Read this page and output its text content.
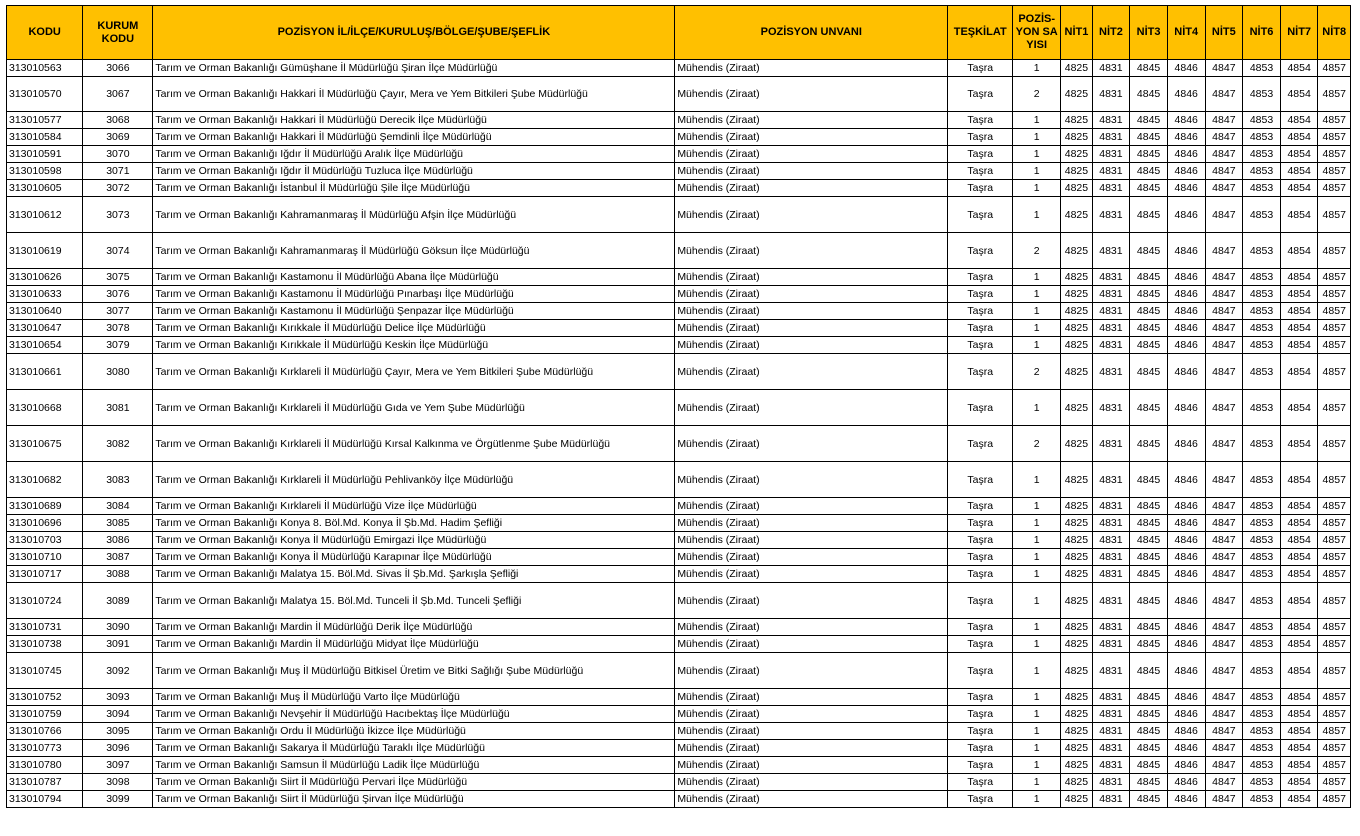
KODU	KURUM KODU	POZİSYON İL/İLÇE/KURULUŞ/BÖLGE/ŞUBE/ŞEFLİK	POZİSYON UNVANI	TEŞKİLAT	POZİS-YON SAYISI	NİT1	NİT2	NİT3	NİT4	NİT5	NİT6	NİT7	NİT8
313010563	3066	Tarım ve Orman Bakanlığı Gümüşhane İl Müdürlüğü Şiran İlçe Müdürlüğü	Mühendis (Ziraat)	Taşra	1	4825	4831	4845	4846	4847	4853	4854	4857
313010570	3067	Tarım ve Orman Bakanlığı Hakkari İl Müdürlüğü Çayır, Mera ve Yem Bitkileri Şube Müdürlüğü	Mühendis (Ziraat)	Taşra	2	4825	4831	4845	4846	4847	4853	4854	4857
313010577	3068	Tarım ve Orman Bakanlığı Hakkari İl Müdürlüğü Derecik İlçe Müdürlüğü	Mühendis (Ziraat)	Taşra	1	4825	4831	4845	4846	4847	4853	4854	4857
313010584	3069	Tarım ve Orman Bakanlığı Hakkari İl Müdürlüğü Şemdinli İlçe Müdürlüğü	Mühendis (Ziraat)	Taşra	1	4825	4831	4845	4846	4847	4853	4854	4857
313010591	3070	Tarım ve Orman Bakanlığı Iğdır İl Müdürlüğü Aralık İlçe Müdürlüğü	Mühendis (Ziraat)	Taşra	1	4825	4831	4845	4846	4847	4853	4854	4857
313010598	3071	Tarım ve Orman Bakanlığı Iğdır İl Müdürlüğü Tuzluca İlçe Müdürlüğü	Mühendis (Ziraat)	Taşra	1	4825	4831	4845	4846	4847	4853	4854	4857
313010605	3072	Tarım ve Orman Bakanlığı İstanbul İl Müdürlüğü Şile İlçe Müdürlüğü	Mühendis (Ziraat)	Taşra	1	4825	4831	4845	4846	4847	4853	4854	4857
313010612	3073	Tarım ve Orman Bakanlığı Kahramanmaraş İl Müdürlüğü Afşin İlçe Müdürlüğü	Mühendis (Ziraat)	Taşra	1	4825	4831	4845	4846	4847	4853	4854	4857
313010619	3074	Tarım ve Orman Bakanlığı Kahramanmaraş İl Müdürlüğü Göksun İlçe Müdürlüğü	Mühendis (Ziraat)	Taşra	2	4825	4831	4845	4846	4847	4853	4854	4857
313010626	3075	Tarım ve Orman Bakanlığı Kastamonu İl Müdürlüğü Abana İlçe Müdürlüğü	Mühendis (Ziraat)	Taşra	1	4825	4831	4845	4846	4847	4853	4854	4857
313010633	3076	Tarım ve Orman Bakanlığı Kastamonu İl Müdürlüğü Pınarbaşı İlçe Müdürlüğü	Mühendis (Ziraat)	Taşra	1	4825	4831	4845	4846	4847	4853	4854	4857
313010640	3077	Tarım ve Orman Bakanlığı Kastamonu İl Müdürlüğü Şenpazar İlçe Müdürlüğü	Mühendis (Ziraat)	Taşra	1	4825	4831	4845	4846	4847	4853	4854	4857
313010647	3078	Tarım ve Orman Bakanlığı Kırıkkale İl Müdürlüğü Delice İlçe Müdürlüğü	Mühendis (Ziraat)	Taşra	1	4825	4831	4845	4846	4847	4853	4854	4857
313010654	3079	Tarım ve Orman Bakanlığı Kırıkkale İl Müdürlüğü Keskin İlçe Müdürlüğü	Mühendis (Ziraat)	Taşra	1	4825	4831	4845	4846	4847	4853	4854	4857
313010661	3080	Tarım ve Orman Bakanlığı Kırklareli İl Müdürlüğü Çayır, Mera ve Yem Bitkileri Şube Müdürlüğü	Mühendis (Ziraat)	Taşra	2	4825	4831	4845	4846	4847	4853	4854	4857
313010668	3081	Tarım ve Orman Bakanlığı Kırklareli İl Müdürlüğü Gıda ve Yem Şube Müdürlüğü	Mühendis (Ziraat)	Taşra	1	4825	4831	4845	4846	4847	4853	4854	4857
313010675	3082	Tarım ve Orman Bakanlığı Kırklareli İl Müdürlüğü Kırsal Kalkınma ve Örgütlenme Şube Müdürlüğü	Mühendis (Ziraat)	Taşra	2	4825	4831	4845	4846	4847	4853	4854	4857
313010682	3083	Tarım ve Orman Bakanlığı Kırklareli İl Müdürlüğü Pehlivanköy İlçe Müdürlüğü	Mühendis (Ziraat)	Taşra	1	4825	4831	4845	4846	4847	4853	4854	4857
313010689	3084	Tarım ve Orman Bakanlığı Kırklareli İl Müdürlüğü Vize İlçe Müdürlüğü	Mühendis (Ziraat)	Taşra	1	4825	4831	4845	4846	4847	4853	4854	4857
313010696	3085	Tarım ve Orman Bakanlığı Konya 8. Böl.Md. Konya İl Şb.Md. Hadim Şefliği	Mühendis (Ziraat)	Taşra	1	4825	4831	4845	4846	4847	4853	4854	4857
313010703	3086	Tarım ve Orman Bakanlığı Konya İl Müdürlüğü Emirgazi İlçe Müdürlüğü	Mühendis (Ziraat)	Taşra	1	4825	4831	4845	4846	4847	4853	4854	4857
313010710	3087	Tarım ve Orman Bakanlığı Konya İl Müdürlüğü Karapınar İlçe Müdürlüğü	Mühendis (Ziraat)	Taşra	1	4825	4831	4845	4846	4847	4853	4854	4857
313010717	3088	Tarım ve Orman Bakanlığı Malatya 15. Böl.Md. Sivas İl Şb.Md. Şarkışla Şefliği	Mühendis (Ziraat)	Taşra	1	4825	4831	4845	4846	4847	4853	4854	4857
313010724	3089	Tarım ve Orman Bakanlığı Malatya 15. Böl.Md. Tunceli İl Şb.Md. Tunceli Şefliği	Mühendis (Ziraat)	Taşra	1	4825	4831	4845	4846	4847	4853	4854	4857
313010731	3090	Tarım ve Orman Bakanlığı Mardin İl Müdürlüğü Derik İlçe Müdürlüğü	Mühendis (Ziraat)	Taşra	1	4825	4831	4845	4846	4847	4853	4854	4857
313010738	3091	Tarım ve Orman Bakanlığı Mardin İl Müdürlüğü Midyat İlçe Müdürlüğü	Mühendis (Ziraat)	Taşra	1	4825	4831	4845	4846	4847	4853	4854	4857
313010745	3092	Tarım ve Orman Bakanlığı Muş İl Müdürlüğü Bitkisel Üretim ve Bitki Sağlığı Şube Müdürlüğü	Mühendis (Ziraat)	Taşra	1	4825	4831	4845	4846	4847	4853	4854	4857
313010752	3093	Tarım ve Orman Bakanlığı Muş İl Müdürlüğü Varto İlçe Müdürlüğü	Mühendis (Ziraat)	Taşra	1	4825	4831	4845	4846	4847	4853	4854	4857
313010759	3094	Tarım ve Orman Bakanlığı Nevşehir İl Müdürlüğü Hacıbektaş İlçe Müdürlüğü	Mühendis (Ziraat)	Taşra	1	4825	4831	4845	4846	4847	4853	4854	4857
313010766	3095	Tarım ve Orman Bakanlığı Ordu İl Müdürlüğü İkizce İlçe Müdürlüğü	Mühendis (Ziraat)	Taşra	1	4825	4831	4845	4846	4847	4853	4854	4857
313010773	3096	Tarım ve Orman Bakanlığı Sakarya İl Müdürlüğü Taraklı İlçe Müdürlüğü	Mühendis (Ziraat)	Taşra	1	4825	4831	4845	4846	4847	4853	4854	4857
313010780	3097	Tarım ve Orman Bakanlığı Samsun İl Müdürlüğü Ladik İlçe Müdürlüğü	Mühendis (Ziraat)	Taşra	1	4825	4831	4845	4846	4847	4853	4854	4857
313010787	3098	Tarım ve Orman Bakanlığı Siirt İl Müdürlüğü Pervari İlçe Müdürlüğü	Mühendis (Ziraat)	Taşra	1	4825	4831	4845	4846	4847	4853	4854	4857
313010794	3099	Tarım ve Orman Bakanlığı Siirt İl Müdürlüğü Şirvan İlçe Müdürlüğü	Mühendis (Ziraat)	Taşra	1	4825	4831	4845	4846	4847	4853	4854	4857
